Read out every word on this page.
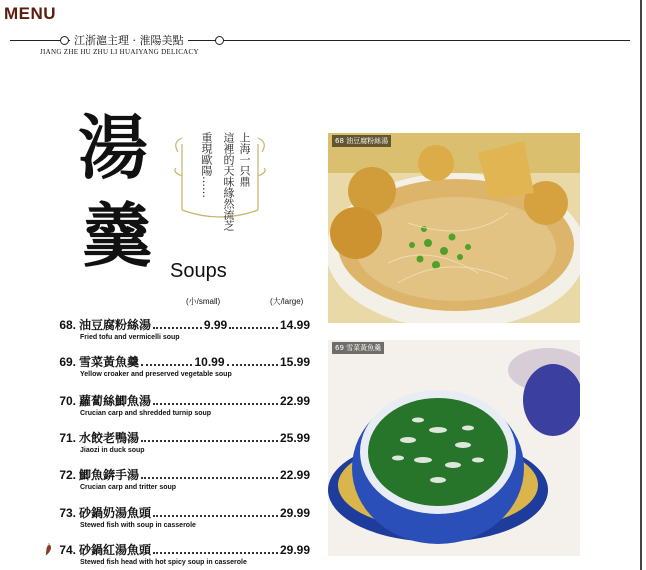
MENU
江浙滬主理 · 淮陽美點
JIANG ZHE HU ZHU LI HUAIYANG DELICACY
湯
羹
上海一只鼎
這裡的天味緣然流芝
重現歐陽……
Soups
(小/small)	(大/large)
68. 油豆腐粉絲湯	9.99	14.99
Fried tofu and vermicelli soup
69. 雪菜黃魚羹	10.99	15.99
Yellow croaker and preserved vegetable soup
70. 蘿蔔絲鯽魚湯	22.99
Crucian carp and shredded turnip soup
71. 水餃老鴨湯	25.99
Jiaozi in duck soup
72. 鯽魚錛手湯	22.99
Crucian carp and tritter soup
73. 砂鍋奶湯魚頭	29.99
Stewed fish with soup in casserole
74. 砂鍋紅湯魚頭	29.99
Stewed fish head with hot spicy soup in casserole
68 油豆腐粉絲湯
69 雪菜黃魚羹
